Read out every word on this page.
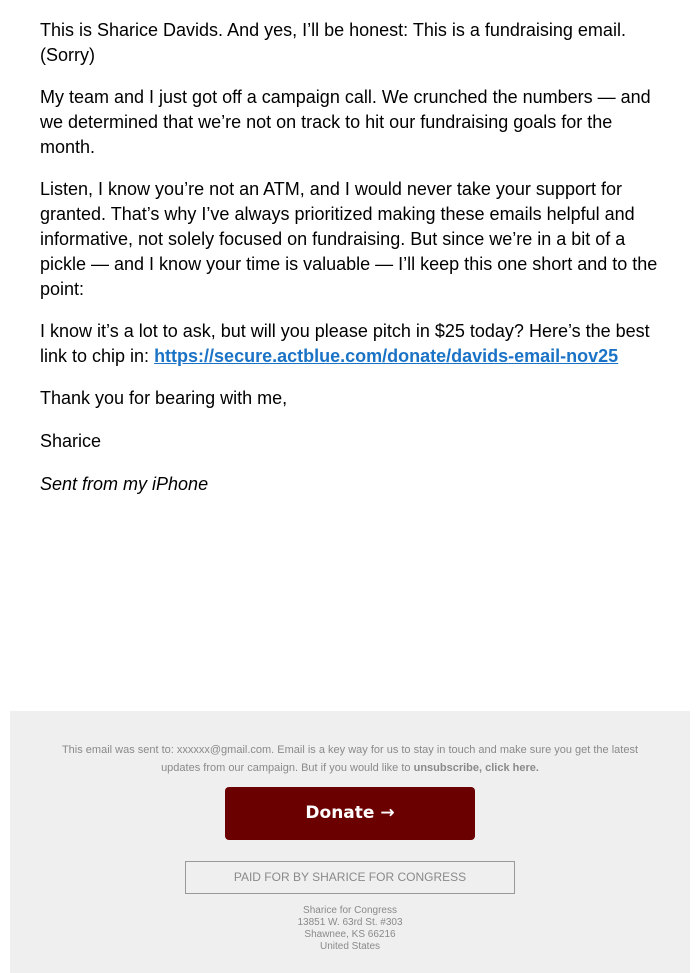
This is Sharice Davids. And yes, I’ll be honest: This is a fundraising email. (Sorry)

My team and I just got off a campaign call. We crunched the numbers — and we determined that we’re not on track to hit our fundraising goals for the month.

Listen, I know you’re not an ATM, and I would never take your support for granted. That’s why I’ve always prioritized making these emails helpful and informative, not solely focused on fundraising. But since we’re in a bit of a pickle — and I know your time is valuable — I’ll keep this one short and to the point:

I know it’s a lot to ask, but will you please pitch in $25 today? Here’s the best link to chip in: https://secure.actblue.com/donate/davids-email-nov25

Thank you for bearing with me,

Sharice

Sent from my iPhone

This email was sent to: xxxxxx@gmail.com. Email is a key way for us to stay in touch and make sure you get the latest updates from our campaign. But if you would like to unsubscribe, click here.
Donate →
PAID FOR BY SHARICE FOR CONGRESS
Sharice for Congress
13851 W. 63rd St. #303
Shawnee, KS 66216
United States
